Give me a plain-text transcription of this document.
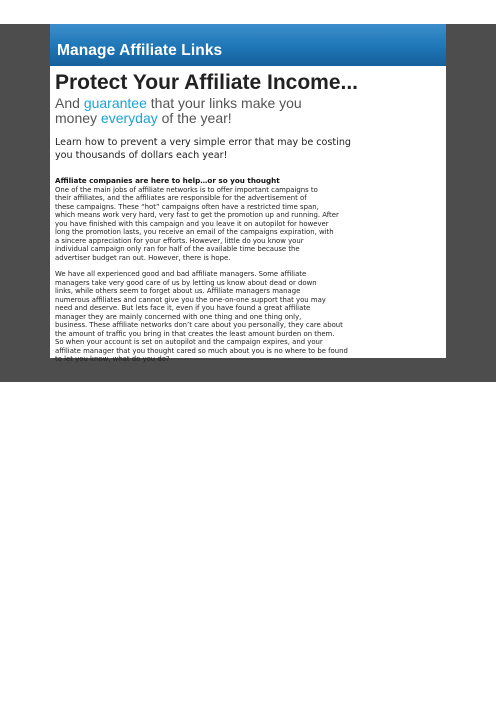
Manage Affiliate Links
Protect Your Affiliate Income...
And guarantee that your links make you
money everyday of the year!

Learn how to prevent a very simple error that may be costing
you thousands of dollars each year!

Affiliate companies are here to help…or so you thought

One of the main jobs of affiliate networks is to offer important campaigns to
their affiliates, and the affiliates are responsible for the advertisement of
these campaigns. These “hot” campaigns often have a restricted time span,
which means work very hard, very fast to get the promotion up and running. After
you have finished with this campaign and you leave it on autopilot for however
long the promotion lasts, you receive an email of the campaigns expiration, with
a sincere appreciation for your efforts. However, little do you know your
individual campaign only ran for half of the available time because the
advertiser budget ran out. However, there is hope.

We have all experienced good and bad affiliate managers. Some affiliate
managers take very good care of us by letting us know about dead or down
links, while others seem to forget about us. Affiliate managers manage
numerous affiliates and cannot give you the one-on-one support that you may
need and deserve. But lets face it, even if you have found a great affiliate
manager they are mainly concerned with one thing and one thing only,
business. These affiliate networks don’t care about you personally, they care about
the amount of traffic you bring in that creates the least amount burden on them.
So when your account is set on autopilot and the campaign expires, and your
affiliate manager that you thought cared so much about you is no where to be found
to let you know, what do you do?
